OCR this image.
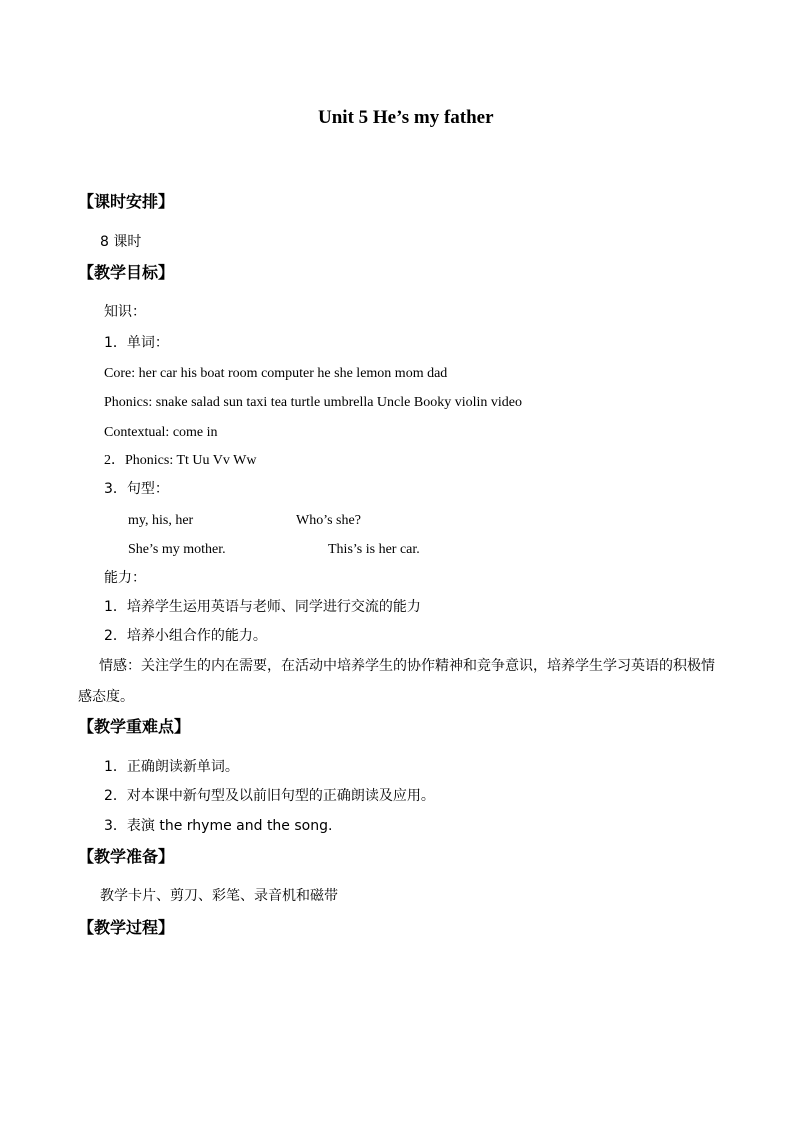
Unit 5 He’s my father
【课时安排】
8 课时
【教学目标】
知识：
1．单词：
Core: her car his boat room computer he she lemon mom dad
Phonics: snake salad sun taxi tea turtle umbrella Uncle Booky violin video
Contextual: come in
2．Phonics: Tt Uu Vv Ww
3．句型：
my, his, her	Who’s she?
She’s my mother.	This’s is her car.
能力：
1．培养学生运用英语与老师、同学进行交流的能力
2．培养小组合作的能力。
情感：关注学生的内在需要，在活动中培养学生的协作精神和竞争意识，培养学生学习英语的积极情感态度。
【教学重难点】
1．正确朗读新单词。
2．对本课中新句型及以前旧句型的正确朗读及应用。
3．表演 the rhyme and the song.
【教学准备】
教学卡片、剪刀、彩笔、录音机和磁带
【教学过程】
